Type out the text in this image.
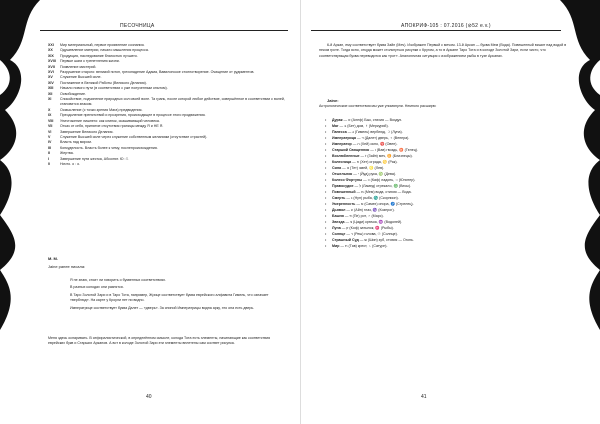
ПЕСОЧНИЦА
XXI	Мир материальный, первое проявление сознания.
XX	Одушевление материи, начало мышления процесса.
XIX	Продукция, наследование благостью лучшего.
XVIII	Первые шаги к трепетлению жизни.
XVII	Появление мистерий.
XVI	Разрушение старого: великий потоп, грехопадение Адама, Вавилонское столпотворение. Очищение от рудиментов.
XV	Служение Высшей силе.
XIV	Постижение в Великой Работы (Великого Делания).
XIII	Начало нового пути (в соответствии с уже полученным опытом).
XII	Освобождение.
XI	Спокойствие, подчинение природных сил своей воле. Та грань, после которой любое действие, совершённое в соответствии с волей, становится знаком.
X	Осмысление (с точки зрения Мага) предвидения.
IX	Преодоление препятствий и прозрения, происходящее в процессе этого продвижения.
VIII	Уничтожение лишнего: как клинок, скашивающий человека.
VII	Отказ от себя, принятие отсутствия границы между Я и НЕ Я.
VI	Завершение Великого Делания.
V	Служение Высшей силе через служение собственным желаниям (отсутствие страстей).
IV	Власть над миром.
III	Конкуделость. Власть более к чему, послепроисхождения.
II	Жертва.
I	Завершение пути жестка, Абсолют. Ю : Ї.
0	Ничто. о : о.
M. M.
Jaine ранее писала:

Я не знаю, стоит ли говорить о буквенных соответствиях.

В разных колодах они разнятся.

В Таро Золотой Зари и в Таро Тота, например, Жрице соответствует буква еврейского алфавита Гимель, что означает «верблюд». На карте у Кроули нет ни видно.

Императрице соответствует буква Далет — «дверь». За спиной Императрицы видна арку, это она есть дверь.

Меня здесь оспаривать. В сефиралистической, в определённом смысле, колода Тота есть элементы, начинающие как соответствия еврейских букв и Старших Арканов. А вот в колоде Золотой Зари эти элементы вплетены сам соответ рисунка.
40
АПОКРИФ-105 : 07.2016 (⊘52 e.v.)
6-й Аркан, ему соответствует буква Зайн (Меч). Изображен Первый с мечом. 13-й Аркан — буква Мем (Вода). Повешенный вишит над водой в неком гроте. Тогда ясно, откуда может столкнуться рисунки с Кругом, а то в Аркане Таро Тота и в колоде Золотой Зари, если чисто, что соответствующая буква переводится как «рот». Аналогичная ситуация с изображением рыбы в тузе Арканах.
Jaine:
Астрологические соответствия мы уже упомянули. Немного расширю:
•	Дурак — א (Алеф) Бык, стихия — Воздух.
•	Маг — ב (Бет) дом, ☿ (Меркурий).
•	Папесса — ג (Гимель) верблюд, ☽ (Луна).
•	Императрица — ד (Далет) дверь, ♀ (Венера).
•	Император — ה (Хей) окно, ♈ (Овен).
•	Старший Священник — ו (Вав) гвоздь, ♉ (Телец).
•	Возлюбленные — ז (Зайн) меч, ♊ (Близнецы).
•	Колесница — ח (Хет) ограда, ♋ (Рак).
•	Сила — ט (Тет) змей, ♌ (Лев).
•	Отшельник — י (Йуд) рука, ♍ (Дева).
•	Колесо Фортуны — כ (Каф) ладонь, ♃ (Юпитер).
•	Правосудие — ל (Ламед) стрекало, ♎ (Весы).
•	Повешенный — מ (Мем) вода, стихия — Вода.
•	Смерть — נ (Нун) рыба, ♏ (Скорпион).
•	Умеренность — ס (Самех) опора, ♐ (Стрелец).
•	Дьявол — ע (Айн) глаз, ♑ (Козерог).
•	Башня — פ (Пе) рот, ♂ (Марс).
•	Звезда — צ (Цади) крючок, ♒ (Водолей).
•	Луна — ק (Коф) затылок, ♓ (Рыбы).
•	Солнце — ר (Реш) голова, ☉ (Солнце).
•	Страшный Суд — ש (Шин) зуб, стихия — Огонь.
•	Мир — ת (Тав) крест, ♄ (Сатурн).
41
